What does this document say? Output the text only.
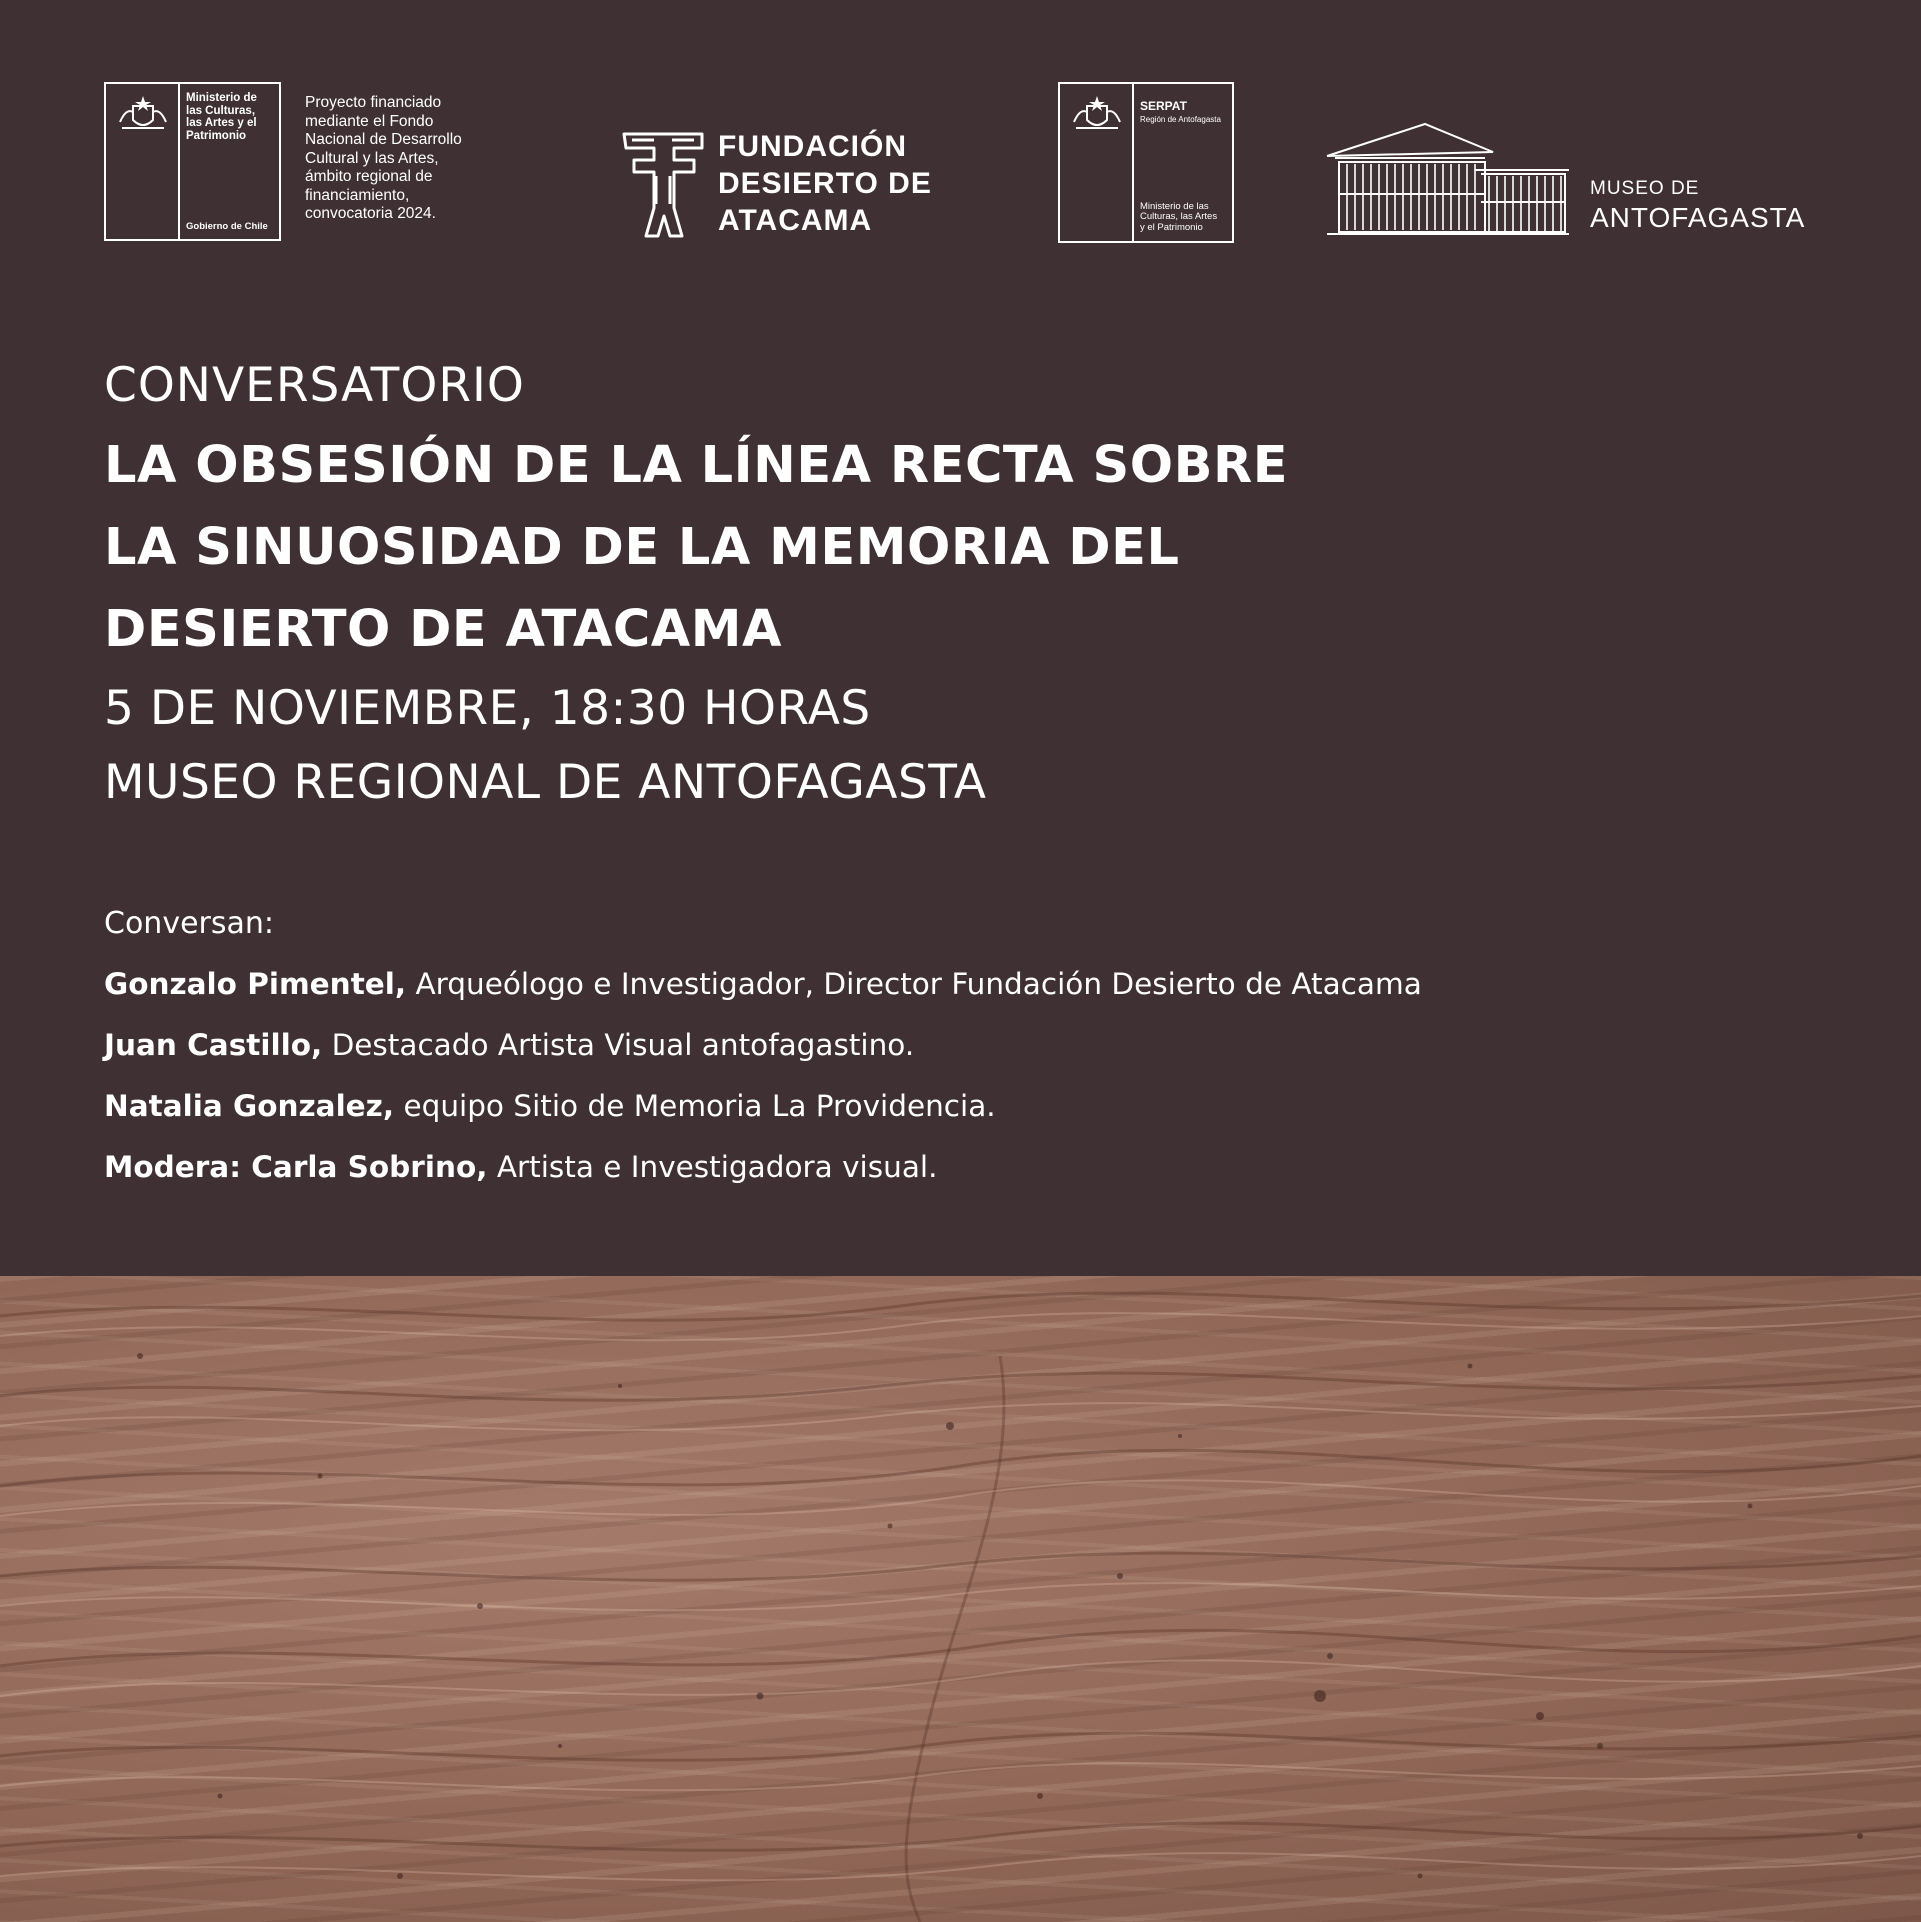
Ministerio de
las Culturas,
las Artes y el
Patrimonio
Gobierno de Chile
Proyecto financiado
mediante el Fondo
Nacional de Desarrollo
Cultural y las Artes,
ámbito regional de
financiamiento,
convocatoria 2024.
FUNDACIÓN
DESIERTO DE
ATACAMA
SERPAT
Región de Antofagasta
Ministerio de las
Culturas, las Artes
y el Patrimonio
MUSEO DE
ANTOFAGASTA
CONVERSATORIO
LA OBSESIÓN DE LA LÍNEA RECTA SOBRE
LA SINUOSIDAD DE LA MEMORIA DEL
DESIERTO DE ATACAMA
5 DE NOVIEMBRE, 18:30 HORAS
MUSEO REGIONAL DE ANTOFAGASTA
Conversan:
Gonzalo Pimentel, Arqueólogo e Investigador, Director Fundación Desierto de Atacama
Juan Castillo, Destacado Artista Visual antofagastino.
Natalia Gonzalez, equipo Sitio de Memoria La Providencia.
Modera: Carla Sobrino, Artista e Investigadora visual.
